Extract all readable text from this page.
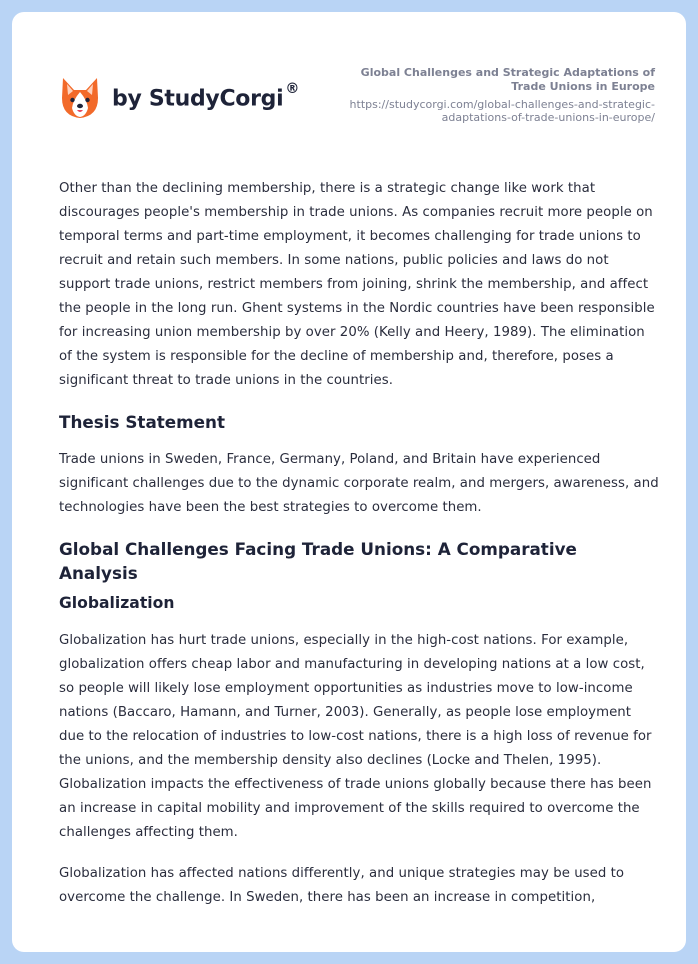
by StudyCorgi ®
Global Challenges and Strategic Adaptations of Trade Unions in Europe
https://studycorgi.com/global-challenges-and-strategic-adaptations-of-trade-unions-in-europe/

Other than the declining membership, there is a strategic change like work that discourages people's membership in trade unions. As companies recruit more people on temporal terms and part-time employment, it becomes challenging for trade unions to recruit and retain such members. In some nations, public policies and laws do not support trade unions, restrict members from joining, shrink the membership, and affect the people in the long run. Ghent systems in the Nordic countries have been responsible for increasing union membership by over 20% (Kelly and Heery, 1989). The elimination of the system is responsible for the decline of membership and, therefore, poses a significant threat to trade unions in the countries.

Thesis Statement

Trade unions in Sweden, France, Germany, Poland, and Britain have experienced significant challenges due to the dynamic corporate realm, and mergers, awareness, and technologies have been the best strategies to overcome them.

Global Challenges Facing Trade Unions: A Comparative Analysis
Globalization

Globalization has hurt trade unions, especially in the high-cost nations. For example, globalization offers cheap labor and manufacturing in developing nations at a low cost, so people will likely lose employment opportunities as industries move to low-income nations (Baccaro, Hamann, and Turner, 2003). Generally, as people lose employment due to the relocation of industries to low-cost nations, there is a high loss of revenue for the unions, and the membership density also declines (Locke and Thelen, 1995). Globalization impacts the effectiveness of trade unions globally because there has been an increase in capital mobility and improvement of the skills required to overcome the challenges affecting them.

Globalization has affected nations differently, and unique strategies may be used to overcome the challenge. In Sweden, there has been an increase in competition,
